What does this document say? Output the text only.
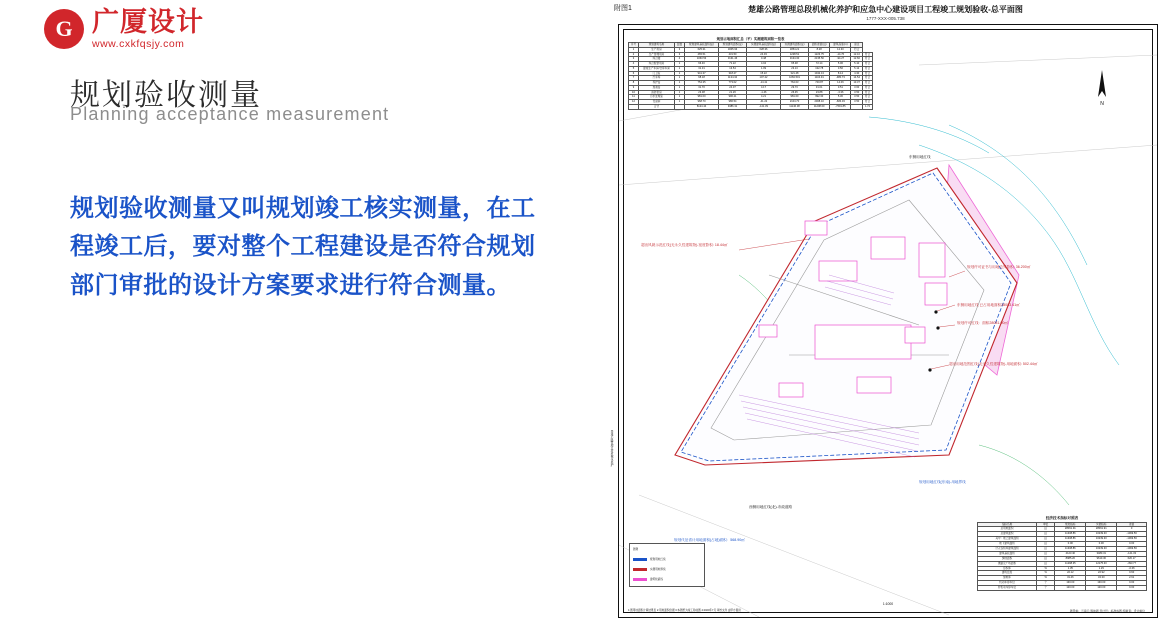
G 广厦设计
www.cxkfqsjy.com
规划验收测量
Planning acceptance measurement

规划验收测量又叫规划竣工核实测量，在工程竣工后，要对整个工程建设是否符合规划部门审批的设计方案要求进行符合测量。

附图1	楚雄公路管理总段机械化养护和应急中心建设项目工程竣工规划验收-总平面图
1777-XXX-005.738
N
规划占地面积汇总（平）实测建筑面积一览表
序号	规划建筑名称	层数	规划建筑基底面积(㎡)	规划建筑面积(㎡)	实测建筑基底面积(㎡)	实测建筑面积(㎡)	面积差值(㎡)	建筑高度(m)	备注	
1	生产用房	3	625.31	1845.93	628.36	1854.21	8.28	12.30	符合	
2	生产管理用房	3	465.51	431.50	24.03	1228.51	1223.75	-14.76	12.10	符合
3	综合楼	4	1063.53	3131.46	0.48	3134.30	2135.50	-94.27	12.60	符合
4	综合配套用房	1	66.46	71.22	4.04	65.48	72.14	5.06	5.10	符合
5	建成生产车间/仓库车间	1	31.31	13.54	1.09	23.13	132.78	0.56	5.12	符合
6	门卫室	1	941.37	318.27	15.22	321.48	1042.13	8.14	4.30	符合
7	汽车库	1	68.18	1134.34	107.22	1084.501	1104.91	-980.73	14.54	符合
8	养护站	1	754.35	773.02	-14.41	764.03	740.87	14.06	13.37	符合
9	加油站	1	31.70	24.07	4.17	29.73	31.01	0.51	3.60	符合
10	消防泵房	1	23.38	21.26	-1.46	26.45	23.88	-3.36	3.50	符合
11	污水处理室	1	981.00	996.21	4.21	981.00	992.30	5.30	3.50	符合
12	设备间	1	968.70	986.54	-41.22	2104.70	2008.10	-684.03	3.50	符合
	合计		8124.44	9486.31	-141.39	11146.38	11208.00	-7691.85		1.74
经济技术指标对照表
指标名称	单位	规划指标	实测指标	差值
总用地面积	㎡	28061.91	28061.91	0
总建筑面积	㎡	11338.86	10239.30	-1099.56
其中：地上建筑面积	㎡	11338.86	10239.30	-1099.56
地下建筑面积	㎡	0.00	0.00	0.00
计入容积率建筑面积	㎡	11338.86	10239.30	-1099.56
建筑基底面积	㎡	4123.40	3480.31	-141.33
绿地面积	㎡	8985.20	9610.30	620.17
道路及广场面积	㎡	11298.35	12175.30	-393.77
容积率	%	1.35	1.29	-0.06
建筑密度	%	22.12	22.92	0.60
绿地率	%	31.46	34.30	2.91
机动车停车位	个	130.00	130.00	0.00
非机动车停车位	个	120.00	120.00	0.00
超出风貌示范红线(无永久性建筑物)-宽度影积: 18.44㎡
规划许可证书与用地边界影积: 36.200㎡
东侧用地红线 已占用地面积28083.41㎡
规划许可红线：面积28081.00㎡
超出用地范围红线(无永久性建筑物)-用地面积: 502.44㎡
规划代征省计用地面积(占地)面积：568.90㎡
规划用地红线(东南)-用地界线
东侧用地红线
西侧用地红线(北)-市政道路
图例
规划用地红线
实测用地界线
建筑轮廓线
1:1000
1:图用地面积计算结果表 2:用地面积依据 3:本图纸为竣工验收图 4:2020年7月 审核文件 由甲方提供	测量单：云南云·界地界 设计号：标准成图 绘制者：设计单位
楚雄公路管理总段机械化养护
